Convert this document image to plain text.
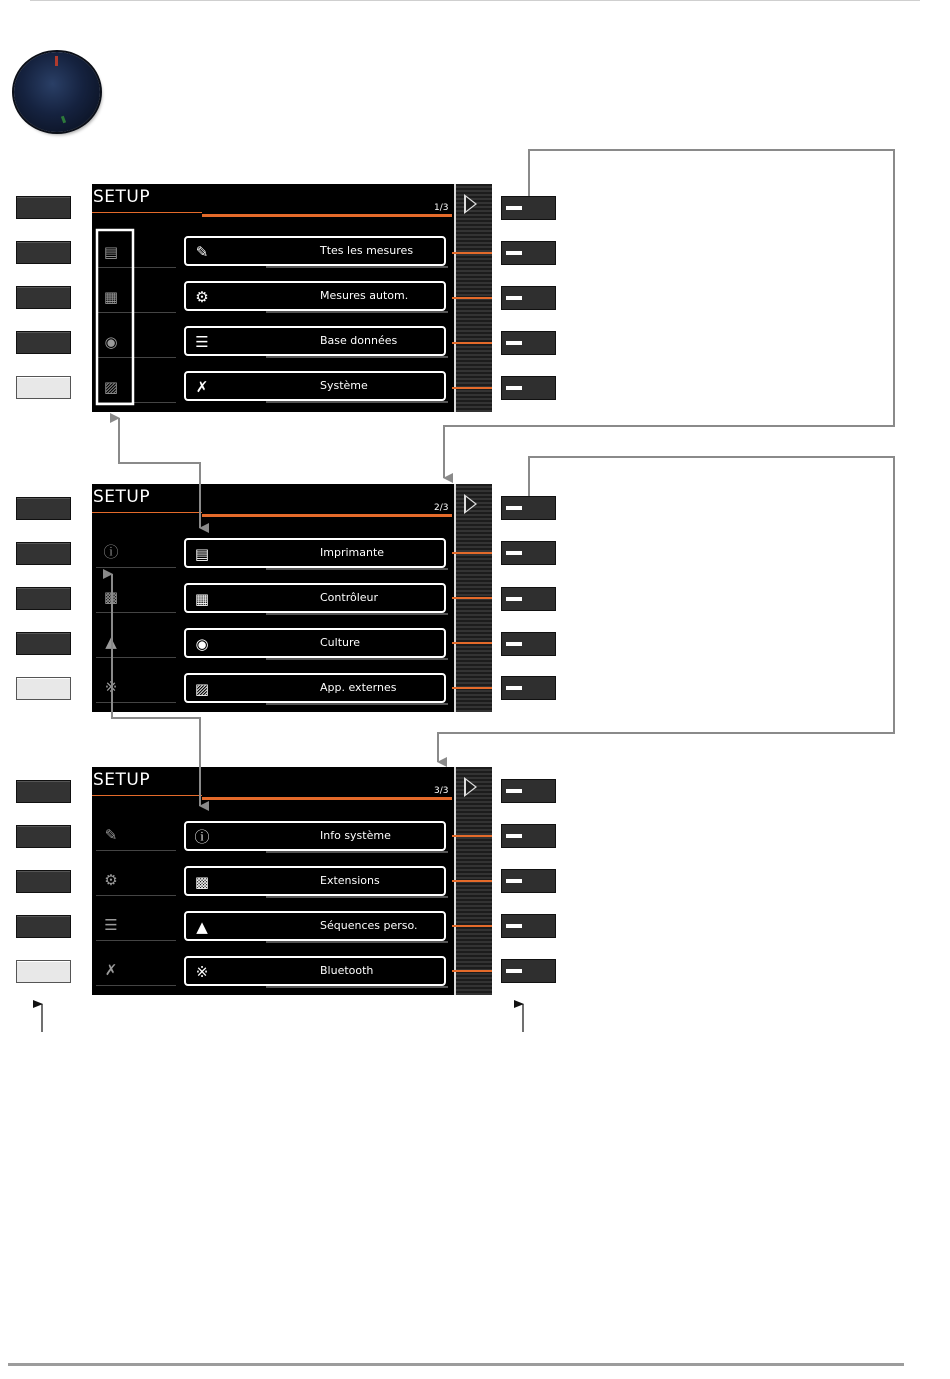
SETUP
1/3
▤
▦
◉
▨
✎	Ttes les mesures
⚙	Mesures autom.
☰	Base données
✗	Système
SETUP
2/3
ⓘ
▩
▲
※
▤	Imprimante
▦	Contrôleur
◉	Culture
▨	App. externes
SETUP
3/3
✎
⚙
☰
✗
ⓘ	Info système
▩	Extensions
▲	Séquences perso.
※	Bluetooth
